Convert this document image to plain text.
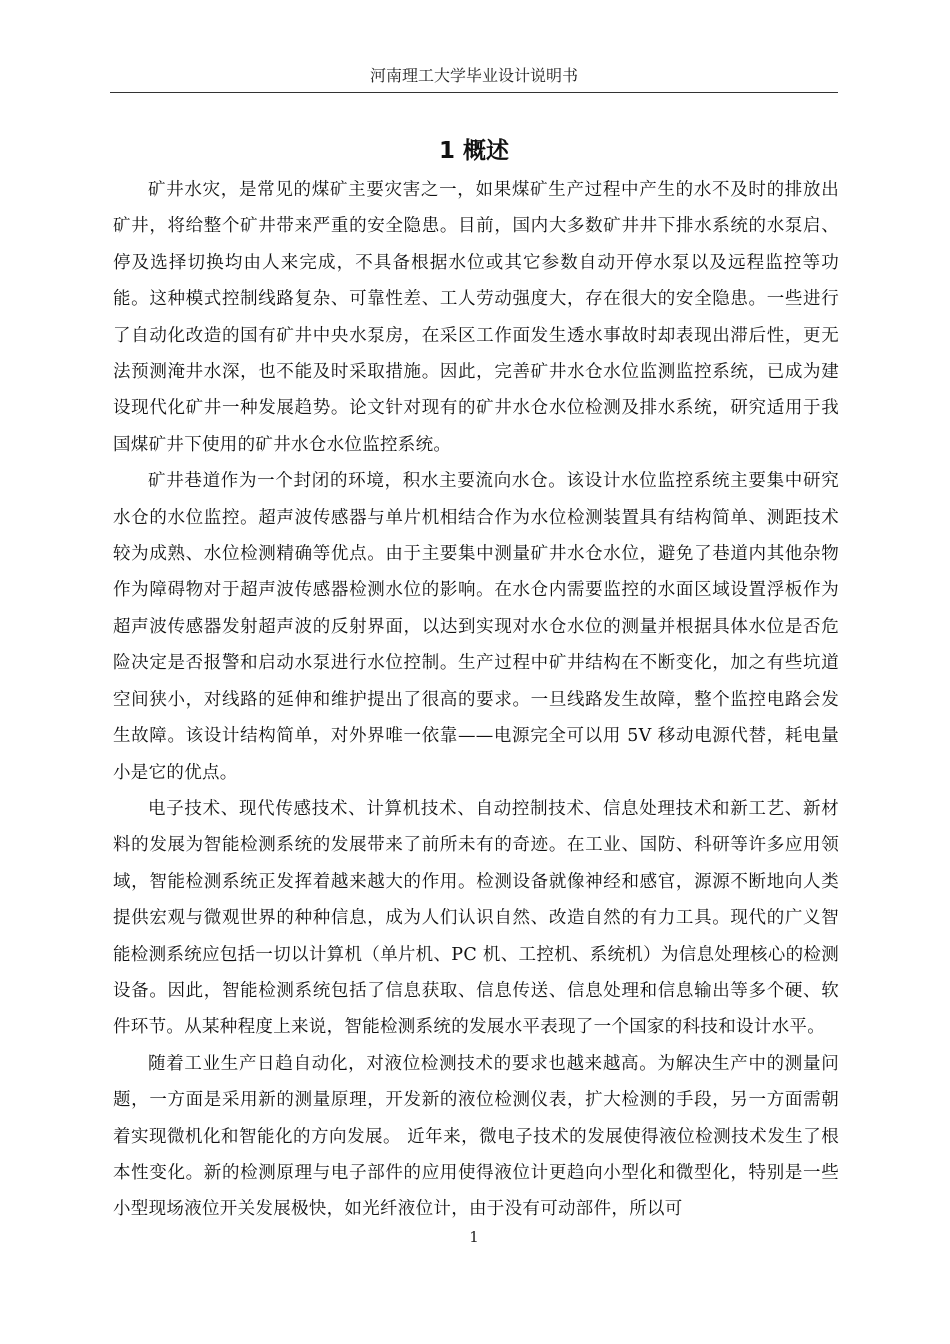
河南理工大学毕业设计说明书
1 概述

矿井水灾，是常见的煤矿主要灾害之一，如果煤矿生产过程中产生的水不及时的排放出矿井，将给整个矿井带来严重的安全隐患。目前，国内大多数矿井井下排水系统的水泵启、停及选择切换均由人来完成，不具备根据水位或其它参数自动开停水泵以及远程监控等功能。这种模式控制线路复杂、可靠性差、工人劳动强度大，存在很大的安全隐患。一些进行了自动化改造的国有矿井中央水泵房，在采区工作面发生透水事故时却表现出滞后性，更无法预测淹井水深，也不能及时采取措施。因此，完善矿井水仓水位监测监控系统，已成为建设现代化矿井一种发展趋势。论文针对现有的矿井水仓水位检测及排水系统，研究适用于我国煤矿井下使用的矿井水仓水位监控系统。

矿井巷道作为一个封闭的环境，积水主要流向水仓。该设计水位监控系统主要集中研究水仓的水位监控。超声波传感器与单片机相结合作为水位检测装置具有结构简单、测距技术较为成熟、水位检测精确等优点。由于主要集中测量矿井水仓水位，避免了巷道内其他杂物作为障碍物对于超声波传感器检测水位的影响。在水仓内需要监控的水面区域设置浮板作为超声波传感器发射超声波的反射界面，以达到实现对水仓水位的测量并根据具体水位是否危险决定是否报警和启动水泵进行水位控制。生产过程中矿井结构在不断变化，加之有些坑道空间狭小，对线路的延伸和维护提出了很高的要求。一旦线路发生故障，整个监控电路会发生故障。该设计结构简单，对外界唯一依靠——电源完全可以用 5V 移动电源代替，耗电量小是它的优点。

电子技术、现代传感技术、计算机技术、自动控制技术、信息处理技术和新工艺、新材料的发展为智能检测系统的发展带来了前所未有的奇迹。在工业、国防、科研等许多应用领域，智能检测系统正发挥着越来越大的作用。检测设备就像神经和感官，源源不断地向人类提供宏观与微观世界的种种信息，成为人们认识自然、改造自然的有力工具。现代的广义智能检测系统应包括一切以计算机（单片机、PC 机、工控机、系统机）为信息处理核心的检测设备。因此，智能检测系统包括了信息获取、信息传送、信息处理和信息输出等多个硬、软件环节。从某种程度上来说，智能检测系统的发展水平表现了一个国家的科技和设计水平。

随着工业生产日趋自动化，对液位检测技术的要求也越来越高。为解决生产中的测量问题，一方面是采用新的测量原理，开发新的液位检测仪表，扩大检测的手段，另一方面需朝着实现微机化和智能化的方向发展。 近年来，微电子技术的发展使得液位检测技术发生了根本性变化。新的检测原理与电子部件的应用使得液位计更趋向小型化和微型化，特别是一些小型现场液位开关发展极快，如光纤液位计，由于没有可动部件，所以可

1
